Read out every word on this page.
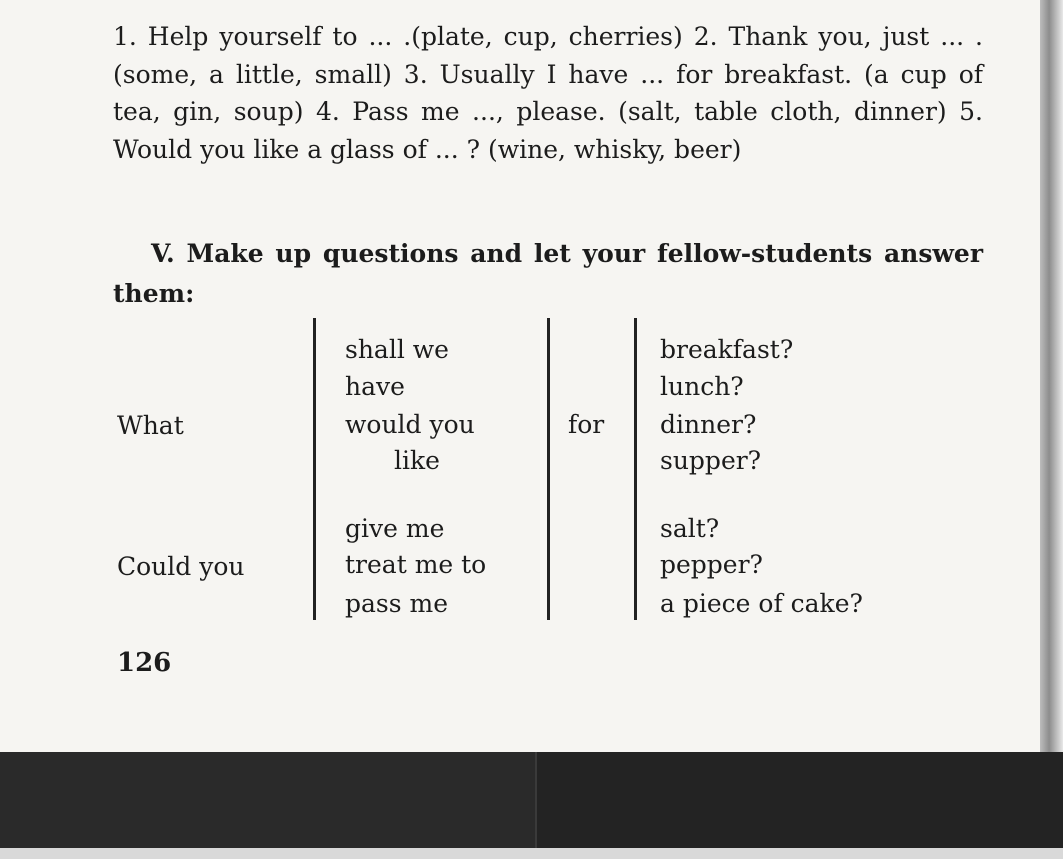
1. Help yourself to ... .(plate, cup, cherries) 2. Thank you, just ... . (some, a little, small) 3. Usually I have ... for breakfast. (a cup of tea, gin, soup) 4. Pass me ..., please. (salt, table cloth, dinner) 5. Would you like a glass of ... ? (wine, whisky, beer)

V. Make up questions and let your fellow-students answer them:

What
Could you
shall we
have
would you
like
give me
treat me to
pass me
for
breakfast?
lunch?
dinner?
supper?
salt?
pepper?
a piece of cake?
126
